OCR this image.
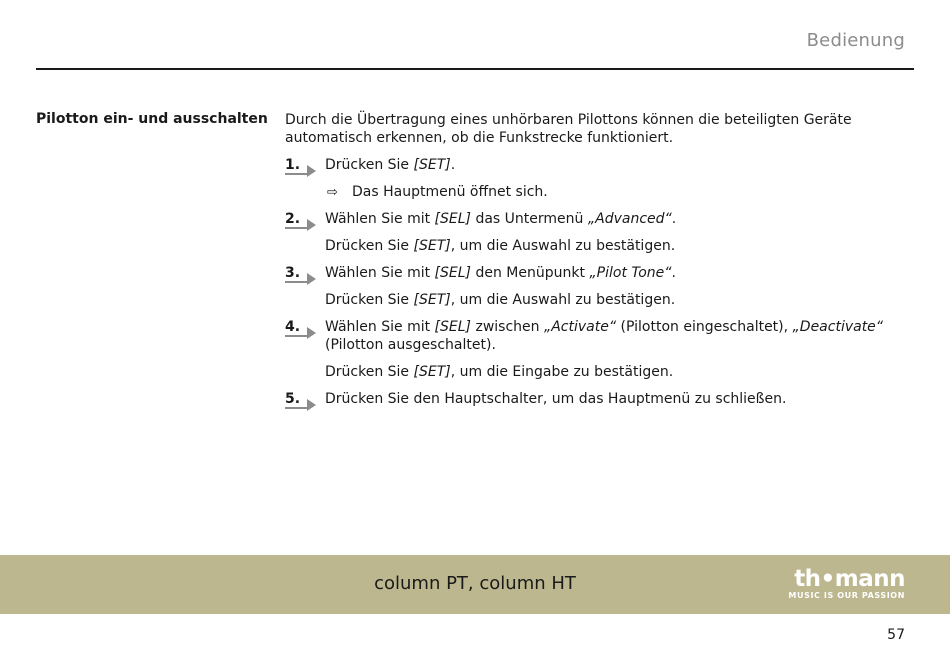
Bedienung
Pilotton ein- und ausschalten Durch die Übertragung eines unhörbaren Pilottons können die beteiligten Geräte automatisch erkennen, ob die Funkstrecke funktioniert.

1. Drücken Sie [SET].
⇨ Das Hauptmenü öffnet sich.
2. Wählen Sie mit [SEL] das Untermenü „Advanced“.
Drücken Sie [SET], um die Auswahl zu bestätigen.
3. Wählen Sie mit [SEL] den Menüpunkt „Pilot Tone“.
Drücken Sie [SET], um die Auswahl zu bestätigen.
4. Wählen Sie mit [SEL] zwischen „Activate“ (Pilotton eingeschaltet), „Deactivate“ (Pilotton ausgeschaltet).
Drücken Sie [SET], um die Eingabe zu bestätigen.
5. Drücken Sie den Hauptschalter, um das Hauptmenü zu schließen.
column PT, column HT	th•mann
MUSIC IS OUR PASSION
57
